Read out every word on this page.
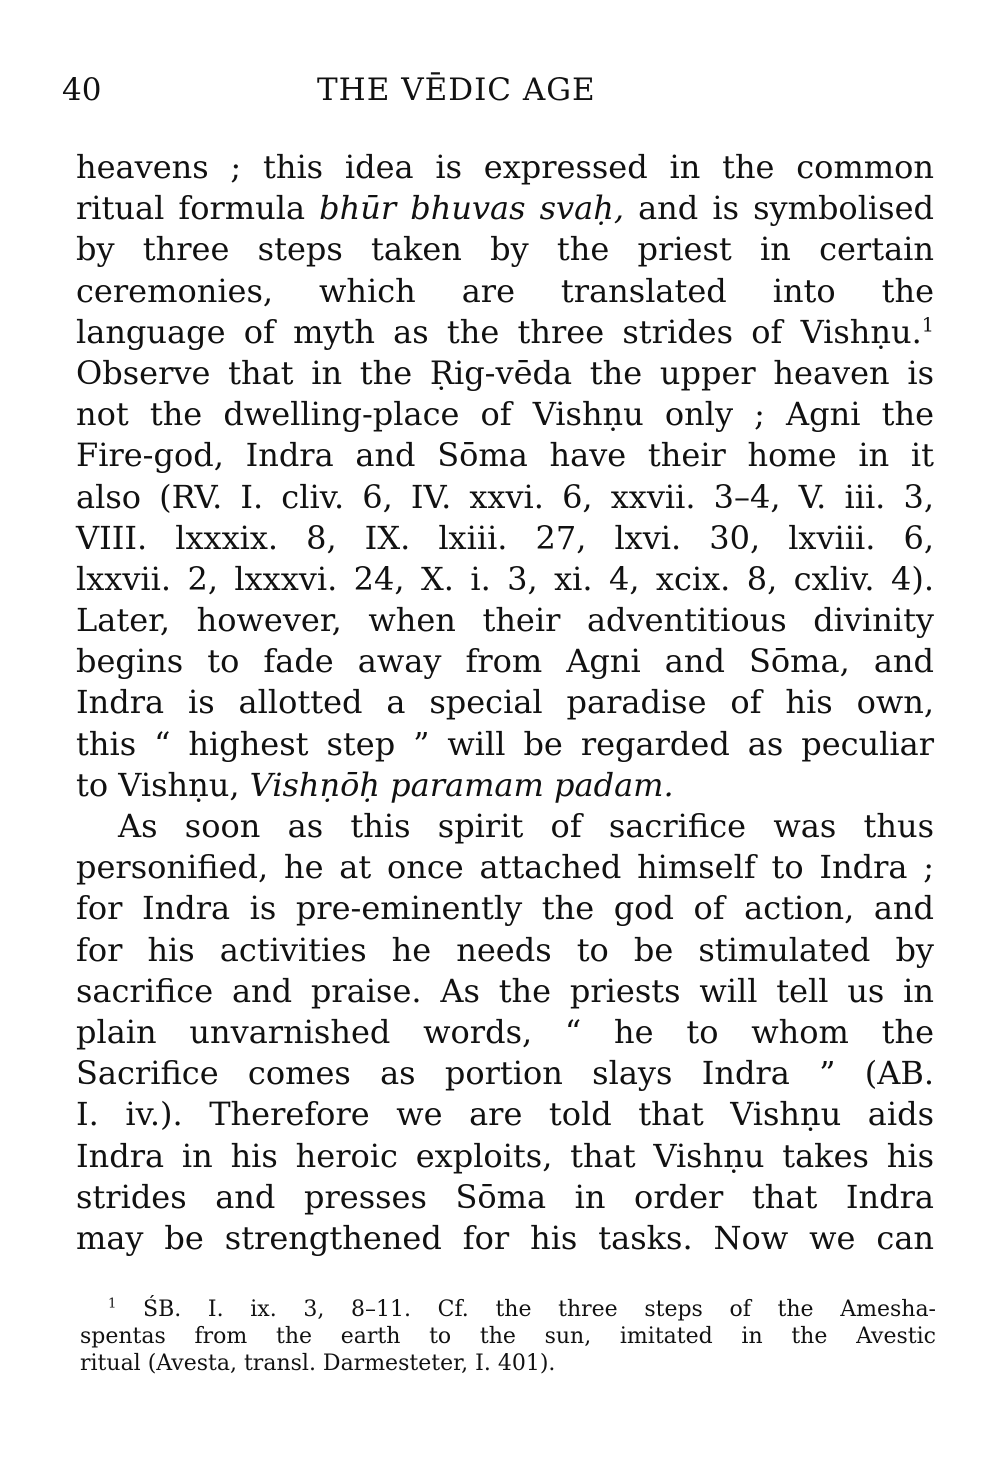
40	THE VĒDIC AGE
heavens ; this idea is expressed in the common
ritual formula bhūr bhuvas svaḥ, and is symbolised
by three steps taken by the priest in certain
ceremonies, which are translated into the
language of myth as the three strides of Vishṇu.$^1$
Observe that in the Ṛig-vēda the upper heaven is
not the dwelling-place of Vishṇu only ; Agni the
Fire-god, Indra and Sōma have their home in it
also (RV. I. cliv. 6, IV. xxvi. 6, xxvii. 3–4, V. iii. 3,
VIII. lxxxix. 8, IX. lxiii. 27, lxvi. 30, lxviii. 6,
lxxvii. 2, lxxxvi. 24, X. i. 3, xi. 4, xcix. 8, cxliv. 4).
Later, however, when their adventitious divinity
begins to fade away from Agni and Sōma, and
Indra is allotted a special paradise of his own,
this “ highest step ” will be regarded as peculiar
to Vishṇu, Vishṇōḥ paramam padam.
As soon as this spirit of sacrifice was thus
personified, he at once attached himself to Indra ;
for Indra is pre-eminently the god of action, and
for his activities he needs to be stimulated by
sacrifice and praise. As the priests will tell us in
plain unvarnished words, “ he to whom the
Sacrifice comes as portion slays Indra ” (AB.
I. iv.). Therefore we are told that Vishṇu aids
Indra in his heroic exploits, that Vishṇu takes his
strides and presses Sōma in order that Indra
may be strengthened for his tasks. Now we can
$^1$ ŚB. I. ix. 3, 8–11. Cf. the three steps of the Amesha-
spentas from the earth to the sun, imitated in the Avestic
ritual (Avesta, transl. Darmesteter, I. 401).
